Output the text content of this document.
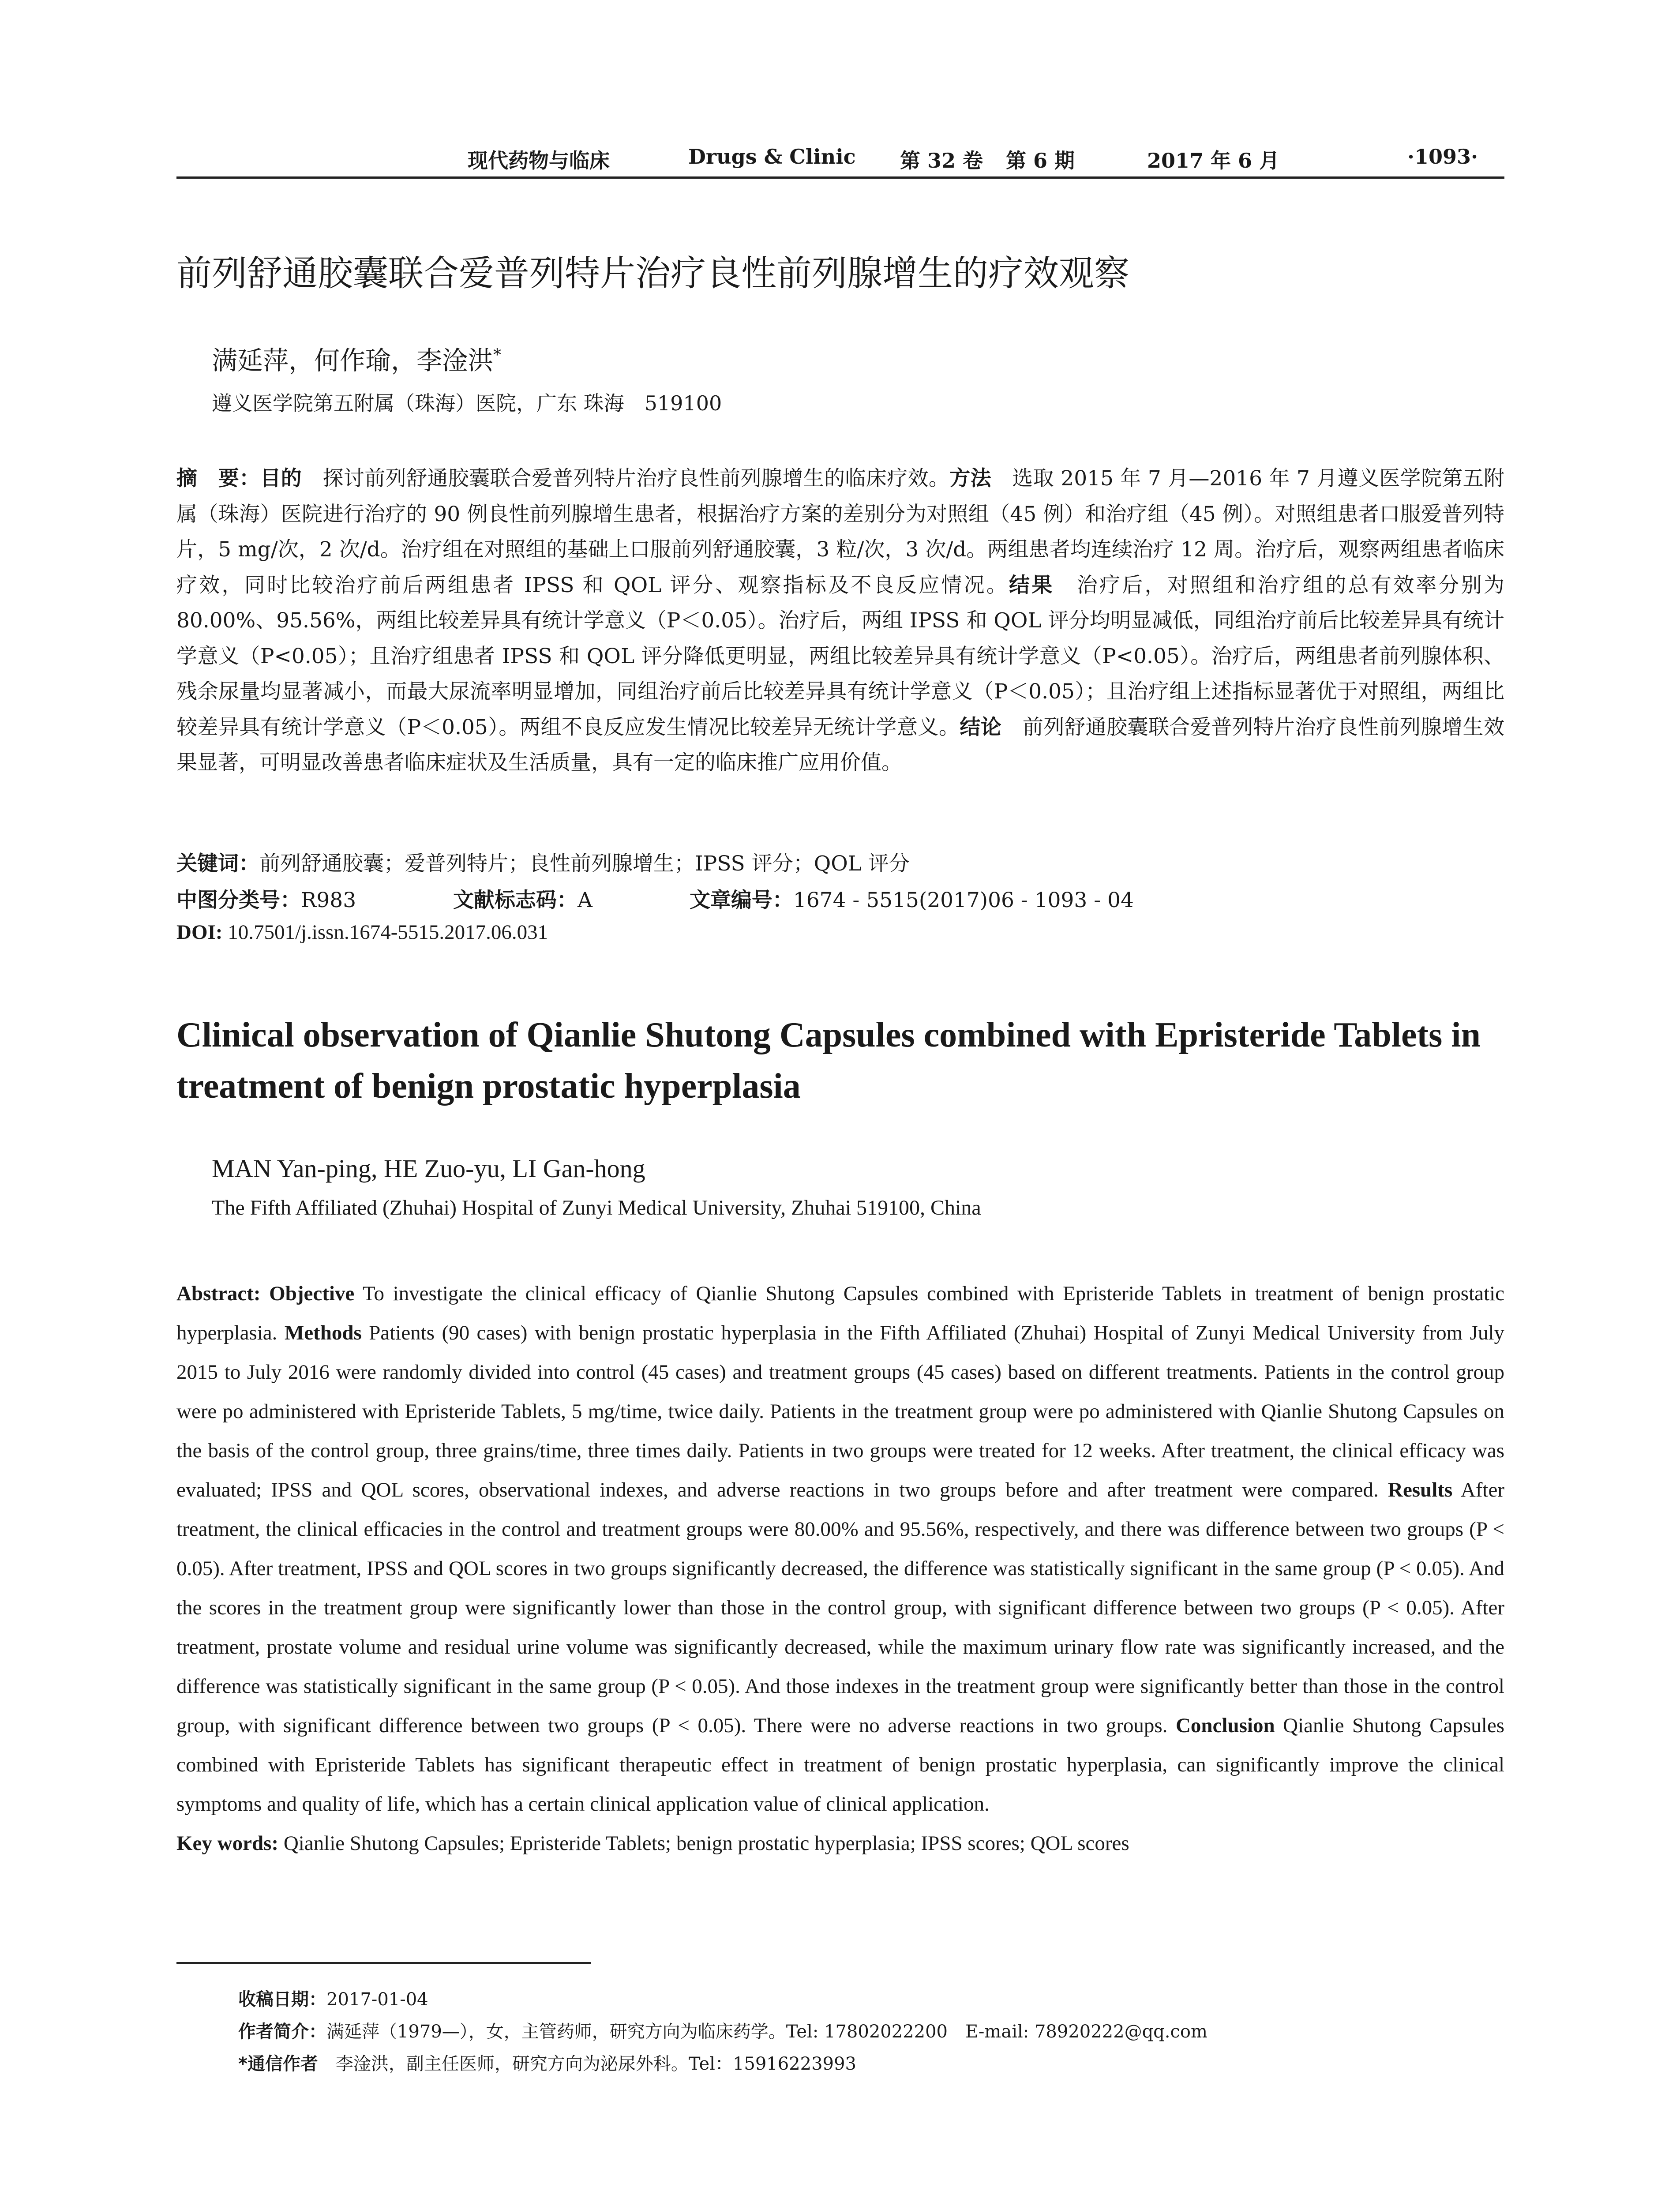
现代药物与临床	Drugs & Clinic 第 32 卷 第 6 期	2017 年 6 月	·1093·
前列舒通胶囊联合爱普列特片治疗良性前列腺增生的疗效观察
满延萍，何作瑜，李淦洪*
遵义医学院第五附属（珠海）医院，广东 珠海　519100
摘　要：目的　探讨前列舒通胶囊联合爱普列特片治疗良性前列腺增生的临床疗效。方法　选取 2015 年 7 月—2016 年 7 月遵义医学院第五附属（珠海）医院进行治疗的 90 例良性前列腺增生患者，根据治疗方案的差别分为对照组（45 例）和治疗组（45 例）。对照组患者口服爱普列特片，5 mg/次，2 次/d。治疗组在对照组的基础上口服前列舒通胶囊，3 粒/次，3 次/d。两组患者均连续治疗 12 周。治疗后，观察两组患者临床疗效，同时比较治疗前后两组患者 IPSS 和 QOL 评分、观察指标及不良反应情况。结果　治疗后，对照组和治疗组的总有效率分别为 80.00%、95.56%，两组比较差异具有统计学意义（P＜0.05）。治疗后，两组 IPSS 和 QOL 评分均明显减低，同组治疗前后比较差异具有统计学意义（P<0.05）；且治疗组患者 IPSS 和 QOL 评分降低更明显，两组比较差异具有统计学意义（P<0.05）。治疗后，两组患者前列腺体积、残余尿量均显著减小，而最大尿流率明显增加，同组治疗前后比较差异具有统计学意义（P＜0.05）；且治疗组上述指标显著优于对照组，两组比较差异具有统计学意义（P＜0.05）。两组不良反应发生情况比较差异无统计学意义。结论　前列舒通胶囊联合爱普列特片治疗良性前列腺增生效果显著，可明显改善患者临床症状及生活质量，具有一定的临床推广应用价值。
关键词：前列舒通胶囊；爱普列特片；良性前列腺增生；IPSS 评分；QOL 评分
中图分类号：R983	文献标志码：A	文章编号：1674 - 5515(2017)06 - 1093 - 04
DOI: 10.7501/j.issn.1674-5515.2017.06.031
Clinical observation of Qianlie Shutong Capsules combined with Epristeride Tablets in treatment of benign prostatic hyperplasia
MAN Yan-ping, HE Zuo-yu, LI Gan-hong
The Fifth Affiliated (Zhuhai) Hospital of Zunyi Medical University, Zhuhai 519100, China
Abstract: Objective To investigate the clinical efficacy of Qianlie Shutong Capsules combined with Epristeride Tablets in treatment of benign prostatic hyperplasia. Methods Patients (90 cases) with benign prostatic hyperplasia in the Fifth Affiliated (Zhuhai) Hospital of Zunyi Medical University from July 2015 to July 2016 were randomly divided into control (45 cases) and treatment groups (45 cases) based on different treatments. Patients in the control group were po administered with Epristeride Tablets, 5 mg/time, twice daily. Patients in the treatment group were po administered with Qianlie Shutong Capsules on the basis of the control group, three grains/time, three times daily. Patients in two groups were treated for 12 weeks. After treatment, the clinical efficacy was evaluated; IPSS and QOL scores, observational indexes, and adverse reactions in two groups before and after treatment were compared. Results After treatment, the clinical efficacies in the control and treatment groups were 80.00% and 95.56%, respectively, and there was difference between two groups (P < 0.05). After treatment, IPSS and QOL scores in two groups significantly decreased, the difference was statistically significant in the same group (P < 0.05). And the scores in the treatment group were significantly lower than those in the control group, with significant difference between two groups (P < 0.05). After treatment, prostate volume and residual urine volume was significantly decreased, while the maximum urinary flow rate was significantly increased, and the difference was statistically significant in the same group (P < 0.05). And those indexes in the treatment group were significantly better than those in the control group, with significant difference between two groups (P < 0.05). There were no adverse reactions in two groups. Conclusion Qianlie Shutong Capsules combined with Epristeride Tablets has significant therapeutic effect in treatment of benign prostatic hyperplasia, can significantly improve the clinical symptoms and quality of life, which has a certain clinical application value of clinical application.
Key words: Qianlie Shutong Capsules; Epristeride Tablets; benign prostatic hyperplasia; IPSS scores; QOL scores
收稿日期：2017-01-04
作者简介：满延萍（1979—），女，主管药师，研究方向为临床药学。Tel: 17802022200　E-mail: 78920222@qq.com
*通信作者　李淦洪，副主任医师，研究方向为泌尿外科。Tel：15916223993
